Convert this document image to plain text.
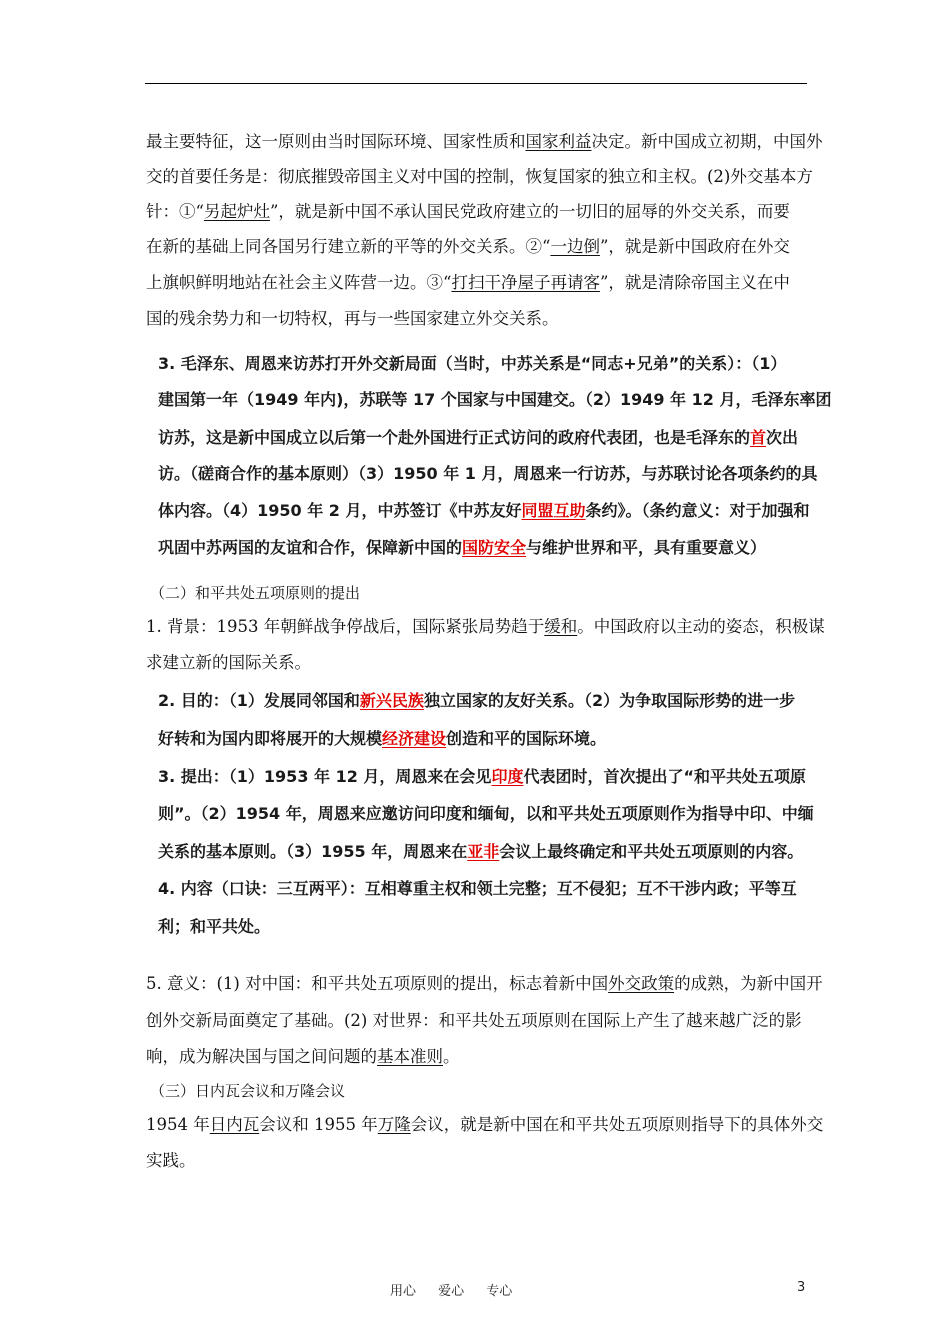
最主要特征，这一原则由当时国际环境、国家性质和国家利益决定。新中国成立初期，中国外
交的首要任务是：彻底摧毁帝国主义对中国的控制，恢复国家的独立和主权。(2)外交基本方
针：①“另起炉灶”，就是新中国不承认国民党政府建立的一切旧的屈辱的外交关系，而要
在新的基础上同各国另行建立新的平等的外交关系。②“一边倒”，就是新中国政府在外交
上旗帜鲜明地站在社会主义阵营一边。③“打扫干净屋子再请客”，就是清除帝国主义在中
国的残余势力和一切特权，再与一些国家建立外交关系。
3. 毛泽东、周恩来访苏打开外交新局面（当时，中苏关系是“同志+兄弟”的关系）：（1）
建国第一年（1949 年内)，苏联等 17 个国家与中国建交。（2）1949 年 12 月，毛泽东率团
访苏，这是新中国成立以后第一个赴外国进行正式访问的政府代表团，也是毛泽东的首次出
访。（磋商合作的基本原则）（3）1950 年 1 月，周恩来一行访苏，与苏联讨论各项条约的具
体内容。（4）1950 年 2 月，中苏签订《中苏友好同盟互助条约》。（条约意义：对于加强和
巩固中苏两国的友谊和合作，保障新中国的国防安全与维护世界和平，具有重要意义）
（二）和平共处五项原则的提出
1. 背景：1953 年朝鲜战争停战后，国际紧张局势趋于缓和。中国政府以主动的姿态，积极谋
求建立新的国际关系。
2. 目的：（1）发展同邻国和新兴民族独立国家的友好关系。（2）为争取国际形势的进一步
好转和为国内即将展开的大规模经济建设创造和平的国际环境。
3. 提出：（1）1953 年 12 月，周恩来在会见印度代表团时，首次提出了“和平共处五项原
则”。（2）1954 年，周恩来应邀访问印度和缅甸，以和平共处五项原则作为指导中印、中缅
关系的基本原则。（3）1955 年，周恩来在亚非会议上最终确定和平共处五项原则的内容。
4. 内容（口诀：三互两平）：互相尊重主权和领土完整；互不侵犯；互不干涉内政；平等互
利；和平共处。
5. 意义：(1) 对中国：和平共处五项原则的提出，标志着新中国外交政策的成熟，为新中国开
创外交新局面奠定了基础。(2) 对世界：和平共处五项原则在国际上产生了越来越广泛的影
响，成为解决国与国之间问题的基本准则。
（三）日内瓦会议和万隆会议
1954 年日内瓦会议和 1955 年万隆会议，就是新中国在和平共处五项原则指导下的具体外交
实践。
用心 爱心 专心	3
